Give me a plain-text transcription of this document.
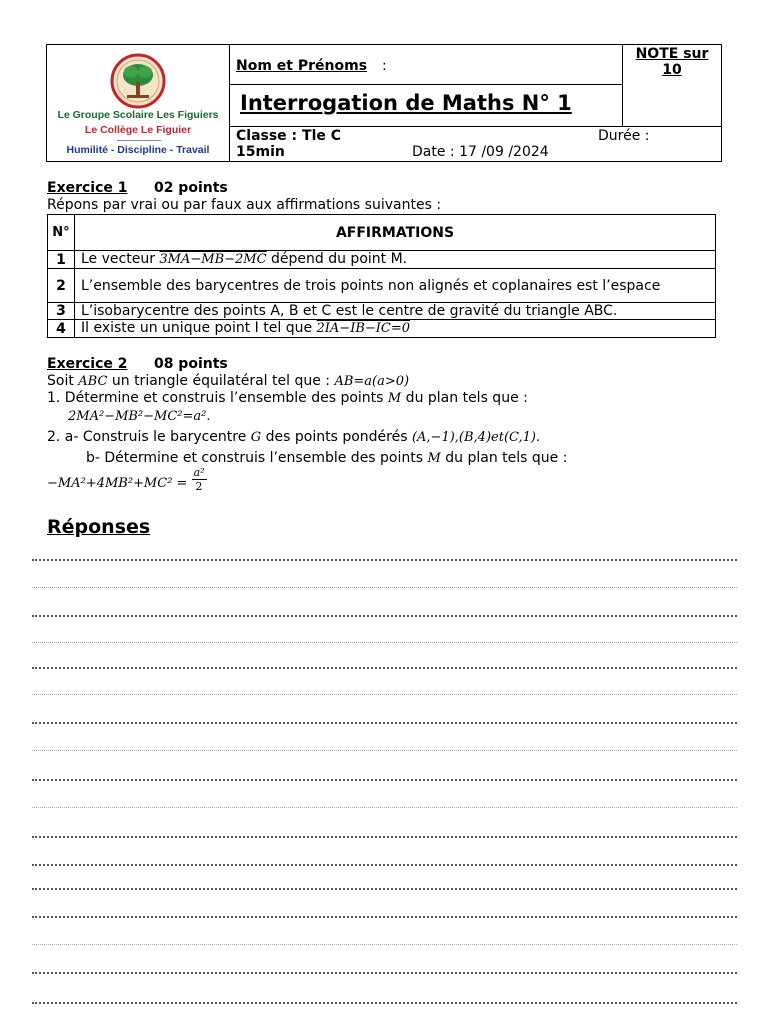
Le Groupe Scolaire Les Figuiers
Le Collège Le Figuier
Humilité - Discipline - Travail
Nom et Prénoms :
Interrogation de Maths N° 1
NOTE sur
10
Classe : Tle C	Durée :
15min	Date : 17 /09 /2024
Exercice 1 02 points
Répons par vrai ou par faux aux affirmations suivantes :
N°	AFFIRMATIONS
1	Le vecteur 3MA−MB−2MC dépend du point M.
2	L’ensemble des barycentres de trois points non alignés et coplanaires est l’espace
3	L’isobarycentre des points A, B et C est le centre de gravité du triangle ABC.
4	Il existe un unique point I tel que 2IA−IB−IC=0
Exercice 2 08 points
Soit ABC un triangle équilatéral tel que : AB=a(a>0)
1. Détermine et construis l’ensemble des points M du plan tels que :
2MA²−MB²−MC²=a².
2. a- Construis le barycentre G des points pondérés (A,−1),(B,4)et(C,1).
b- Détermine et construis l’ensemble des points M du plan tels que :
$-MA^2+4MB^2+MC^2 = \frac{\text{a²}}{2}$
Réponses
